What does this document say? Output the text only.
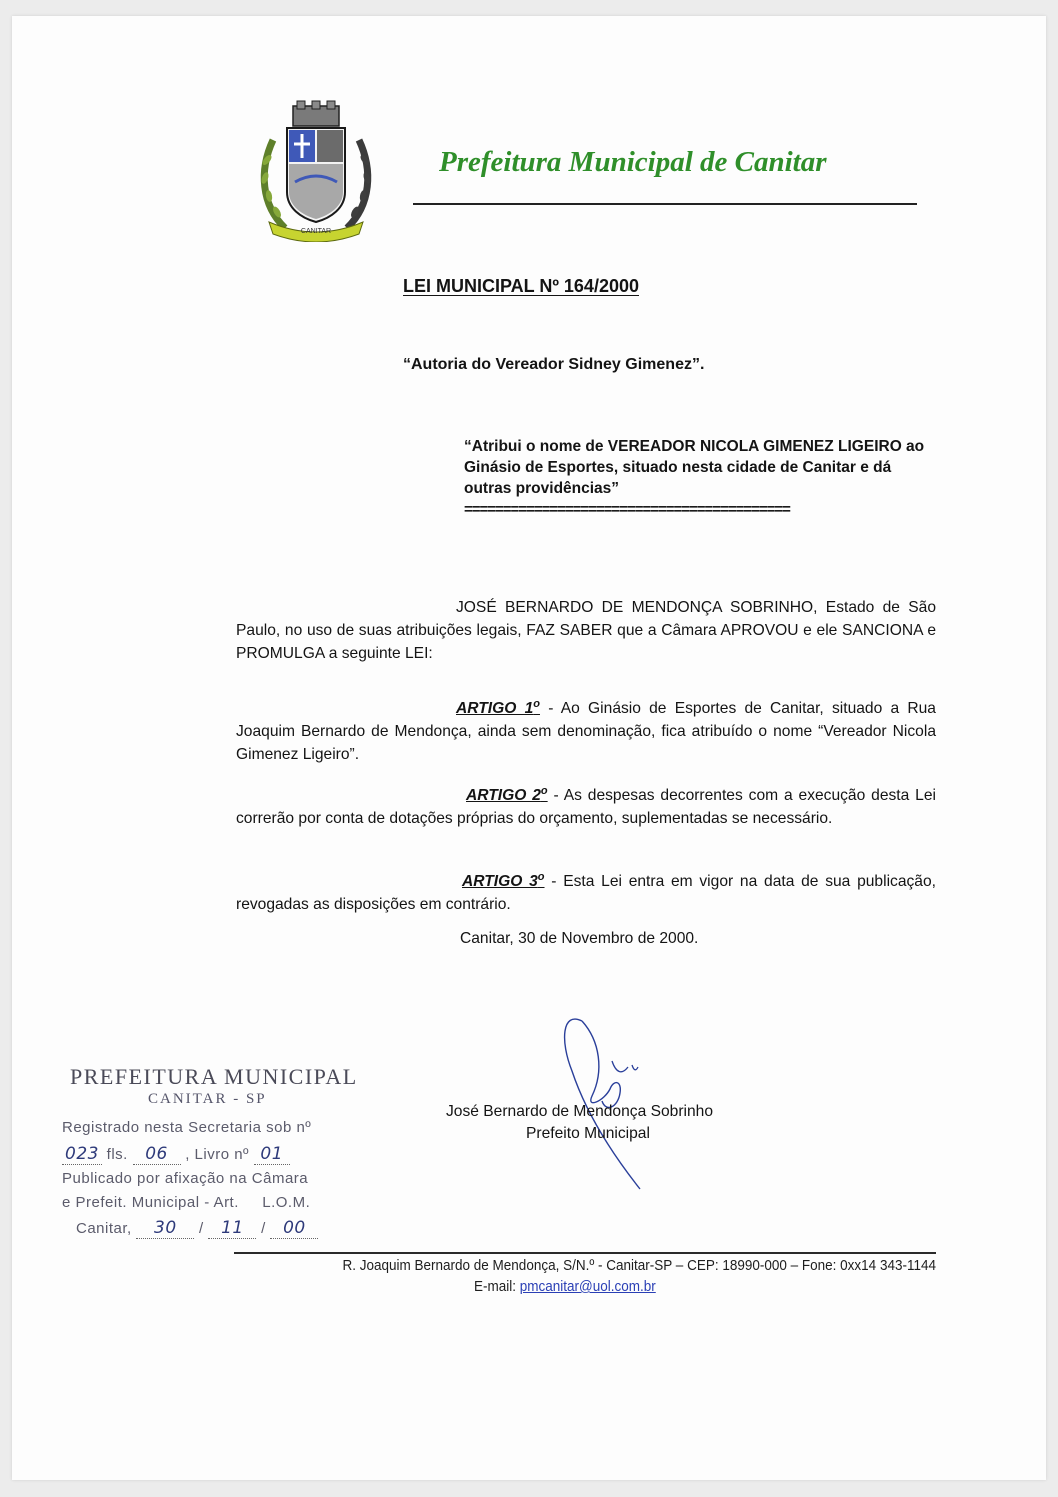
CANITAR
Prefeitura Municipal de Canitar
LEI MUNICIPAL Nº 164/2000
“Autoria do Vereador Sidney Gimenez”.
“Atribui o nome de VEREADOR NICOLA GIMENEZ LIGEIRO ao Ginásio de Esportes, situado nesta cidade de Canitar e dá outras providências”
==========================================
JOSÉ BERNARDO DE MENDONÇA SOBRINHO, Estado de São Paulo, no uso de suas atribuições legais, FAZ SABER que a Câmara APROVOU e ele SANCIONA e PROMULGA a seguinte LEI:
ARTIGO 1$^o$ - Ao Ginásio de Esportes de Canitar, situado a Rua Joaquim Bernardo de Mendonça, ainda sem denominação, fica atribuído o nome “Vereador Nicola Gimenez Ligeiro”.
ARTIGO 2$^o$ - As despesas decorrentes com a execução desta Lei correrão por conta de dotações próprias do orçamento, suplementadas se necessário.
ARTIGO 3$^o$ - Esta Lei entra em vigor na data de sua publicação, revogadas as disposições em contrário.
Canitar, 30 de Novembro de 2000.
José Bernardo de Mendonça Sobrinho
Prefeito Municipal
PREFEITURA MUNICIPAL
CANITAR - SP
Registrado nesta Secretaria sob nº
023 fls. 06 , Livro nº 01
Publicado por afixação na Câmara
e Prefeit. Municipal - Art. L.O.M.
Canitar, 30 / 11 / 00
R. Joaquim Bernardo de Mendonça, S/N.º - Canitar-SP – CEP: 18990-000 – Fone: 0xx14 343-1144
E-mail: pmcanitar@uol.com.br
